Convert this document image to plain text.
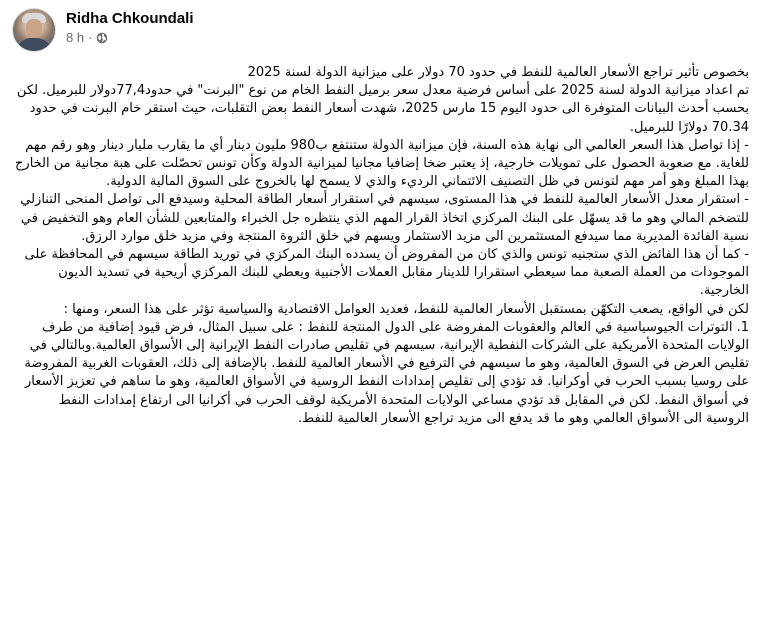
Ridha Chkoundali
8 h ·

بخصوص تأثير تراجع الأسعار العالمية للنفط في حدود 70 دولار على ميزانية الدولة لسنة 2025

تم اعداد ميزانية الدولة لسنة 2025 على أساس فرضية معدل سعر برميل النفط الخام من نوع "البرنت" في حدود77,4دولار للبرميل. لكن بحسب أحدث البيانات المتوفرة الى حدود اليوم 15 مارس 2025، شهدت أسعار النفط بعض التقلبات، حيث استقر خام البرنت في حدود 70.34 دولارًا للبرميل.

- إذا تواصل هذا السعر العالمي الى نهاية هذه السنة، فإن ميزانية الدولة ستنتفع ب980 مليون دينار أي ما يقارب مليار دينار وهو رقم مهم للغاية. مع صعوبة الحصول على تمويلات خارجية، إذ يعتبر ضخا إضافيا مجانيا لميزانية الدولة وكأن تونس تحصّلت على هبة مجانية من الخارج بهذا المبلغ وهو أمر مهم لتونس في ظل التصنيف الائتماني الرديء والذي لا يسمح لها بالخروج على السوق المالية الدولية.

- استقرار معدل الأسعار العالمية للنفط في هذا المستوى، سيسهم في استقرار أسعار الطاقة المحلية وسيدفع الى تواصل المنحى التنازلي للتضخم المالي وهو ما قد يسهّل على البنك المركزي اتخاذ القرار المهم الذي ينتظره جل الخبراء والمتابعين للشأن العام وهو التخفيض في نسبة الفائدة المديرية مما سيدفع المستثمرين الى مزيد الاستثمار ويسهم في خلق الثروة المنتجة وفي مزيد خلق موارد الرزق.

- كما أن هذا الفائض الذي ستجنيه تونس والذي كان من المفروض أن يسدده البنك المركزي في توريد الطاقة سيسهم في المحافظة على الموجودات من العملة الصعبة مما سيعطي استقرارا للدينار مقابل العملات الأجنبية ويعطي للبنك المركزي أريحية في تسديد الديون الخارجية.

لكن في الواقع، يصعب التكهّن بمستقبل الأسعار العالمية للنفط، فعديد العوامل الاقتصادية والسياسية تؤثر على هذا السعر، ومنها :

1. التوترات الجيوسياسية في العالم والعقوبات المفروضة على الدول المنتجة للنفط : على سبيل المثال، فرض قيود إضافية من طرف الولايات المتحدة الأمريكية على الشركات النفطية الإيرانية، سيسهم في تقليص صادرات النفط الإيرانية إلى الأسواق العالمية.وبالتالي في تقليص العرض في السوق العالمية، وهو ما سيسهم في الترفيع في الأسعار العالمية للنفط. بالإضافة إلى ذلك، العقوبات الغربية المفروضة على روسيا بسبب الحرب في أوكرانيا. قد تؤدي إلى تقليص إمدادات النفط الروسية في الأسواق العالمية، وهو ما ساهم في تعزيز الأسعار في أسواق النفط. لكن في المقابل قد تؤدي مساعي الولايات المتحدة الأمريكية لوقف الحرب في أكرانيا الى ارتفاع إمدادات النفط الروسية الى الأسواق العالمي وهو ما قد يدفع الى مزيد تراجع الأسعار العالمية للنفط.
